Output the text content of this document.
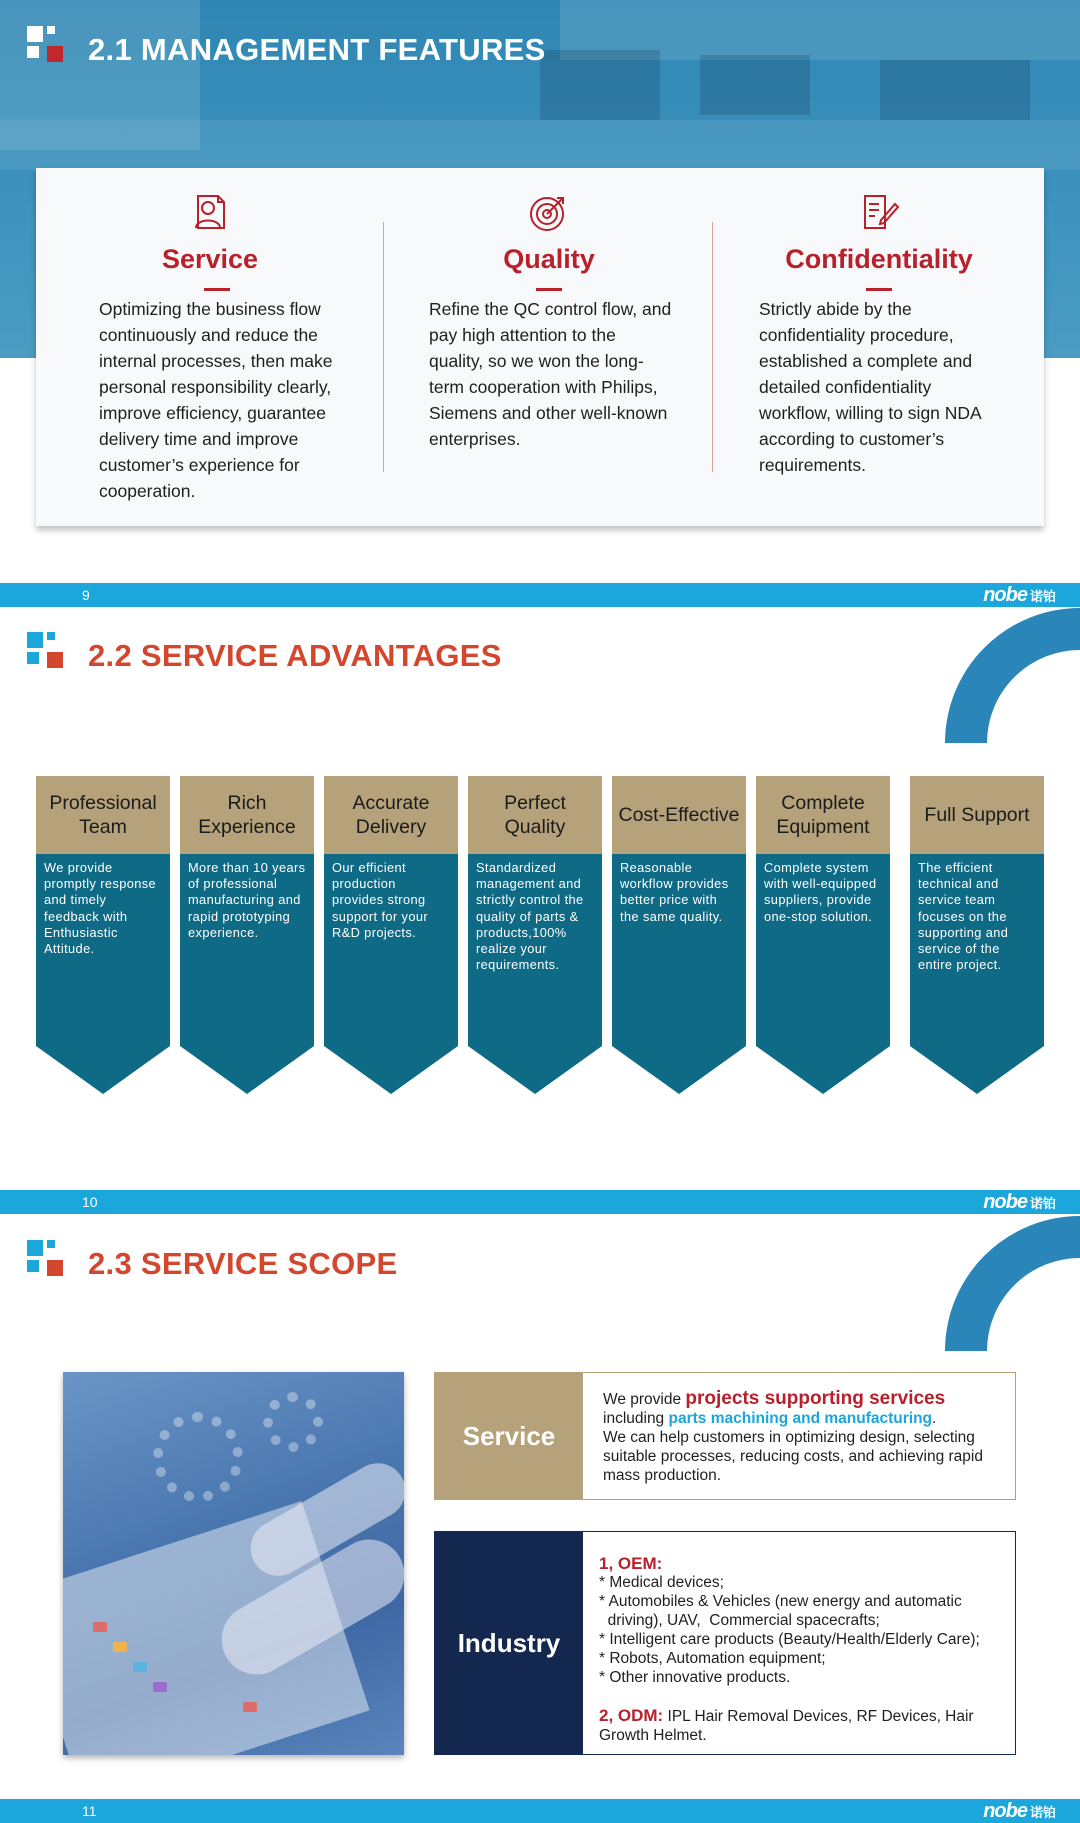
2.1 MANAGEMENT FEATURES
Service

Optimizing the business flow continuously and reduce the internal processes, then make personal responsibility clearly, improve efficiency, guarantee delivery time and improve customer’s experience for cooperation.

Quality

Refine the QC control flow, and pay high attention to the quality, so we won the long-term cooperation with Philips, Siemens and other well-known enterprises.

Confidentiality

Strictly abide by the confidentiality procedure, established a complete and detailed confidentiality workflow, willing to sign NDA according to customer’s requirements.

9	nobe 诺铂
2.2 SERVICE ADVANTAGES
Professional Team
We provide promptly response and timely feedback with Enthusiastic Attitude.
Rich Experience
More than 10 years of professional manufacturing and rapid prototyping experience.
Accurate Delivery
Our efficient production provides strong support for your R&D projects.
Perfect Quality
Standardized management and strictly control the quality of parts & products,100% realize your requirements.
Cost-Effective
Reasonable workflow provides better price with the same quality.
Complete Equipment
Complete system with well-equipped suppliers, provide one-stop solution.
Full Support
The efficient technical and service team focuses on the supporting and service of the entire project.
10	nobe 诺铂
2.3 SERVICE SCOPE
Service
We provide projects supporting services
including parts machining and manufacturing.
We can help customers in optimizing design, selecting suitable processes, reducing costs, and achieving rapid mass production.
Industry
1, OEM:
* Medical devices;
* Automobiles & Vehicles (new energy and automatic
driving), UAV,  Commercial spacecrafts;
* Intelligent care products (Beauty/Health/Elderly Care);
* Robots, Automation equipment;
* Other innovative products.
2, ODM: IPL Hair Removal Devices, RF Devices, Hair
Growth Helmet.
11	nobe 诺铂
